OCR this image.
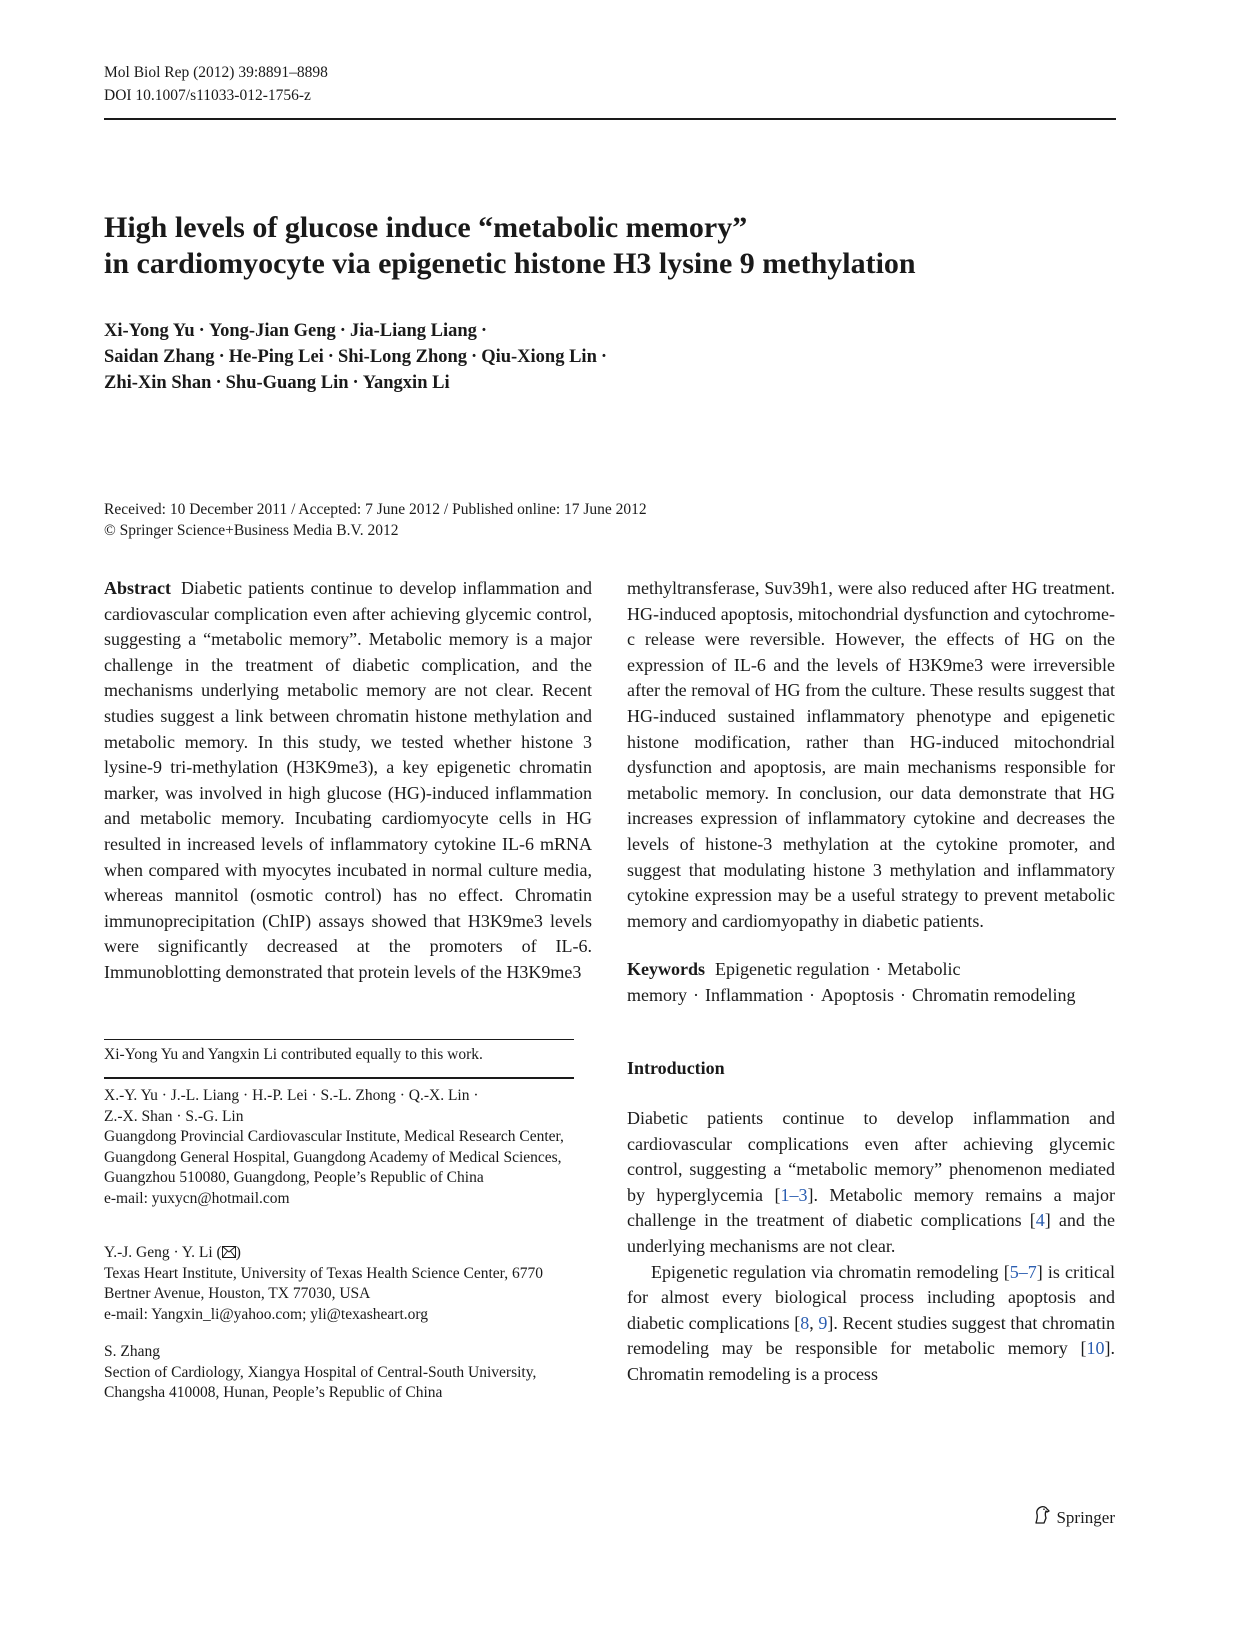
Mol Biol Rep (2012) 39:8891–8898
DOI 10.1007/s11033-012-1756-z
High levels of glucose induce “metabolic memory”
in cardiomyocyte via epigenetic histone H3 lysine 9 methylation
Xi-Yong Yu · Yong-Jian Geng · Jia-Liang Liang ·
Saidan Zhang · He-Ping Lei · Shi-Long Zhong · Qiu-Xiong Lin ·
Zhi-Xin Shan · Shu-Guang Lin · Yangxin Li
Received: 10 December 2011 / Accepted: 7 June 2012 / Published online: 17 June 2012
© Springer Science+Business Media B.V. 2012

Abstract Diabetic patients continue to develop inflammation and cardiovascular complication even after achieving glycemic control, suggesting a “metabolic memory”. Metabolic memory is a major challenge in the treatment of diabetic complication, and the mechanisms underlying metabolic memory are not clear. Recent studies suggest a link between chromatin histone methylation and metabolic memory. In this study, we tested whether histone 3 lysine-9 tri-methylation (H3K9me3), a key epigenetic chromatin marker, was involved in high glucose (HG)-induced inflammation and metabolic memory. Incubating cardiomyocyte cells in HG resulted in increased levels of inflammatory cytokine IL-6 mRNA when compared with myocytes incubated in normal culture media, whereas mannitol (osmotic control) has no effect. Chromatin immunoprecipitation (ChIP) assays showed that H3K9me3 levels were significantly decreased at the promoters of IL-6. Immunoblotting demonstrated that protein levels of the H3K9me3

methyltransferase, Suv39h1, were also reduced after HG treatment. HG-induced apoptosis, mitochondrial dysfunction and cytochrome-c release were reversible. However, the effects of HG on the expression of IL-6 and the levels of H3K9me3 were irreversible after the removal of HG from the culture. These results suggest that HG-induced sustained inflammatory phenotype and epigenetic histone modification, rather than HG-induced mitochondrial dysfunction and apoptosis, are main mechanisms responsible for metabolic memory. In conclusion, our data demonstrate that HG increases expression of inflammatory cytokine and decreases the levels of histone-3 methylation at the cytokine promoter, and suggest that modulating histone 3 methylation and inflammatory cytokine expression may be a useful strategy to prevent metabolic memory and cardiomyopathy in diabetic patients.

Keywords Epigenetic regulation · Metabolic memory · Inflammation · Apoptosis · Chromatin remodeling

Introduction

Diabetic patients continue to develop inflammation and cardiovascular complications even after achieving glycemic control, suggesting a “metabolic memory” phenomenon mediated by hyperglycemia [1–3]. Metabolic memory remains a major challenge in the treatment of diabetic complications [4] and the underlying mechanisms are not clear.

Epigenetic regulation via chromatin remodeling [5–7] is critical for almost every biological process including apoptosis and diabetic complications [8, 9]. Recent studies suggest that chromatin remodeling may be responsible for metabolic memory [10]. Chromatin remodeling is a process

Xi-Yong Yu and Yangxin Li contributed equally to this work.

X.-Y. Yu · J.-L. Liang · H.-P. Lei · S.-L. Zhong · Q.-X. Lin ·

Z.-X. Shan · S.-G. Lin

Guangdong Provincial Cardiovascular Institute, Medical Research Center, Guangdong General Hospital, Guangdong Academy of Medical Sciences, Guangzhou 510080, Guangdong, People’s Republic of China

e-mail: yuxycn@hotmail.com

Y.-J. Geng · Y. Li ( )

Texas Heart Institute, University of Texas Health Science Center, 6770 Bertner Avenue, Houston, TX 77030, USA

e-mail: Yangxin_li@yahoo.com; yli@texasheart.org

S. Zhang

Section of Cardiology, Xiangya Hospital of Central-South University, Changsha 410008, Hunan, People’s Republic of China

Springer
